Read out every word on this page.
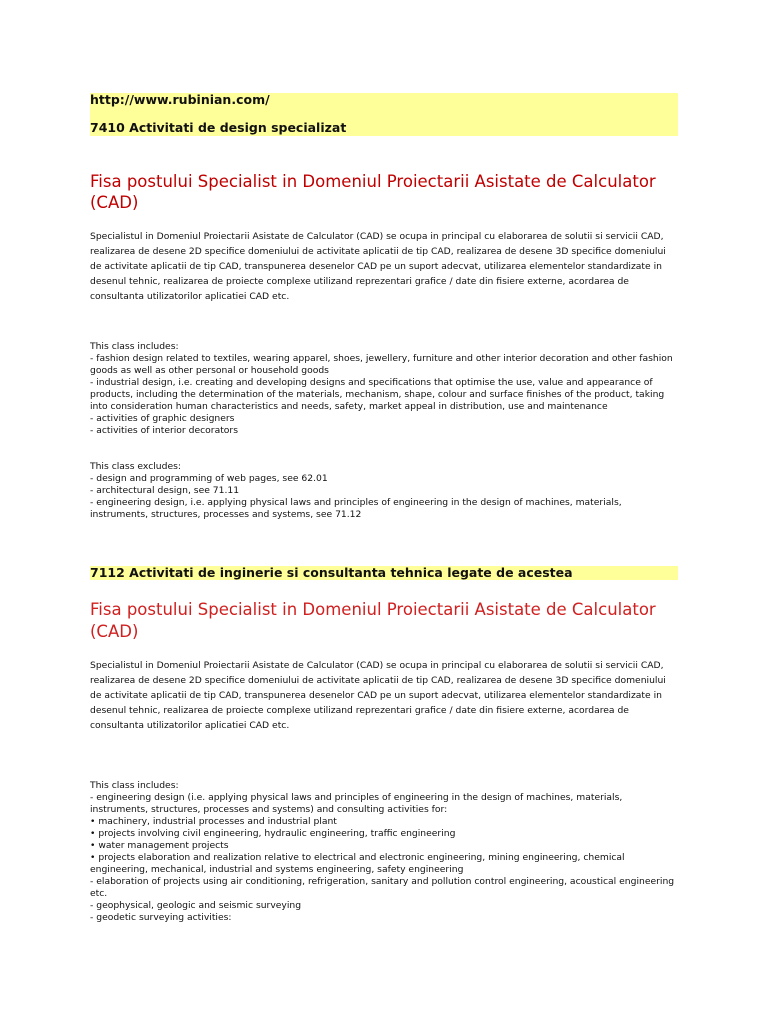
http://www.rubinian.com/
7410 Activitati de design specializat
Fisa postului Specialist in Domeniul Proiectarii Asistate de Calculator (CAD)
Specialistul in Domeniul Proiectarii Asistate de Calculator (CAD) se ocupa in principal cu elaborarea de solutii si servicii CAD, realizarea de desene 2D specifice domeniului de activitate aplicatii de tip CAD, realizarea de desene 3D specifice domeniului de activitate aplicatii de tip CAD, transpunerea desenelor CAD pe un suport adecvat, utilizarea elementelor standardizate in desenul tehnic, realizarea de proiecte complexe utilizand reprezentari grafice / date din fisiere externe, acordarea de consultanta utilizatorilor aplicatiei CAD etc.
This class includes:
- fashion design related to textiles, wearing apparel, shoes, jewellery, furniture and other interior decoration and other fashion goods as well as other personal or household goods
- industrial design, i.e. creating and developing designs and specifications that optimise the use, value and appearance of products, including the determination of the materials, mechanism, shape, colour and surface finishes of the product, taking into consideration human characteristics and needs, safety, market appeal in distribution, use and maintenance
- activities of graphic designers
- activities of interior decorators
This class excludes:
- design and programming of web pages, see 62.01
- architectural design, see 71.11
- engineering design, i.e. applying physical laws and principles of engineering in the design of machines, materials, instruments, structures, processes and systems, see 71.12
7112 Activitati de inginerie si consultanta tehnica legate de acestea
Fisa postului Specialist in Domeniul Proiectarii Asistate de Calculator (CAD)
Specialistul in Domeniul Proiectarii Asistate de Calculator (CAD) se ocupa in principal cu elaborarea de solutii si servicii CAD, realizarea de desene 2D specifice domeniului de activitate aplicatii de tip CAD, realizarea de desene 3D specifice domeniului de activitate aplicatii de tip CAD, transpunerea desenelor CAD pe un suport adecvat, utilizarea elementelor standardizate in desenul tehnic, realizarea de proiecte complexe utilizand reprezentari grafice / date din fisiere externe, acordarea de consultanta utilizatorilor aplicatiei CAD etc.
This class includes:
- engineering design (i.e. applying physical laws and principles of engineering in the design of machines, materials, instruments, structures, processes and systems) and consulting activities for:
• machinery, industrial processes and industrial plant
• projects involving civil engineering, hydraulic engineering, traffic engineering
• water management projects
• projects elaboration and realization relative to electrical and electronic engineering, mining engineering, chemical engineering, mechanical, industrial and systems engineering, safety engineering
- elaboration of projects using air conditioning, refrigeration, sanitary and pollution control engineering, acoustical engineering etc.
- geophysical, geologic and seismic surveying
- geodetic surveying activities:
